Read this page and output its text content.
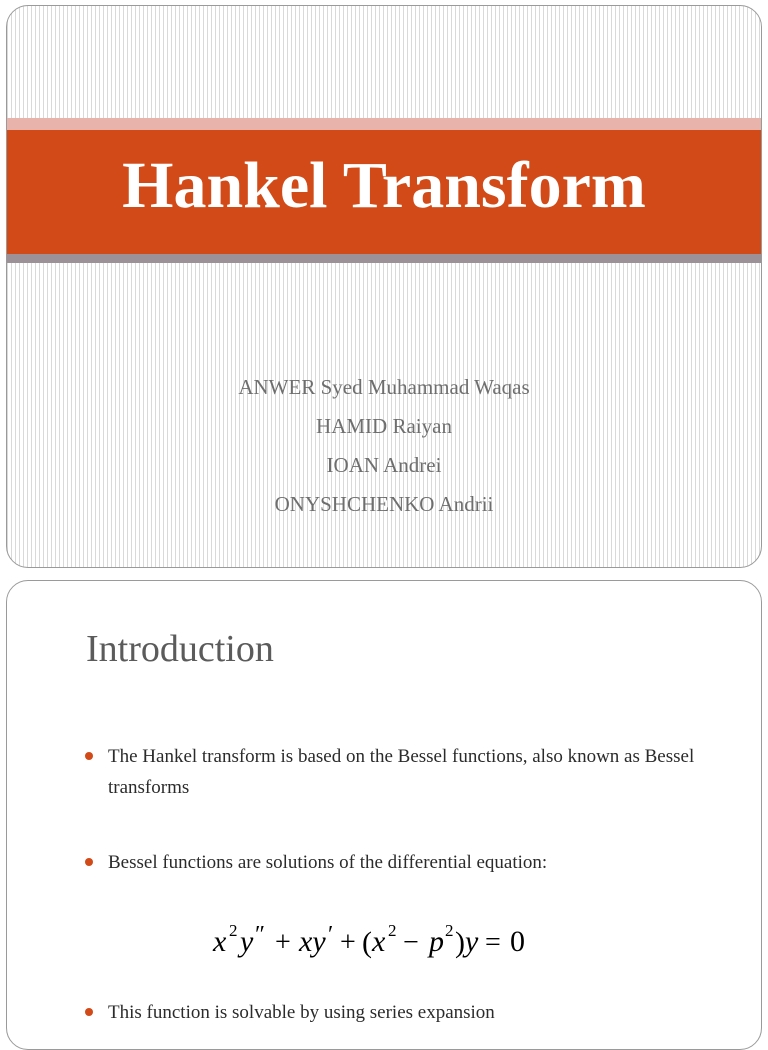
Hankel Transform
ANWER Syed Muhammad Waqas
HAMID Raiyan
IOAN Andrei
ONYSHCHENKO Andrii
Introduction
The Hankel transform is based on the Bessel functions, also known as Bessel transforms
Bessel functions are solutions of the differential equation:
x 2 y ″ + xy ′ + ( x 2 − p 2 ) y = 0
This function is solvable by using series expansion
